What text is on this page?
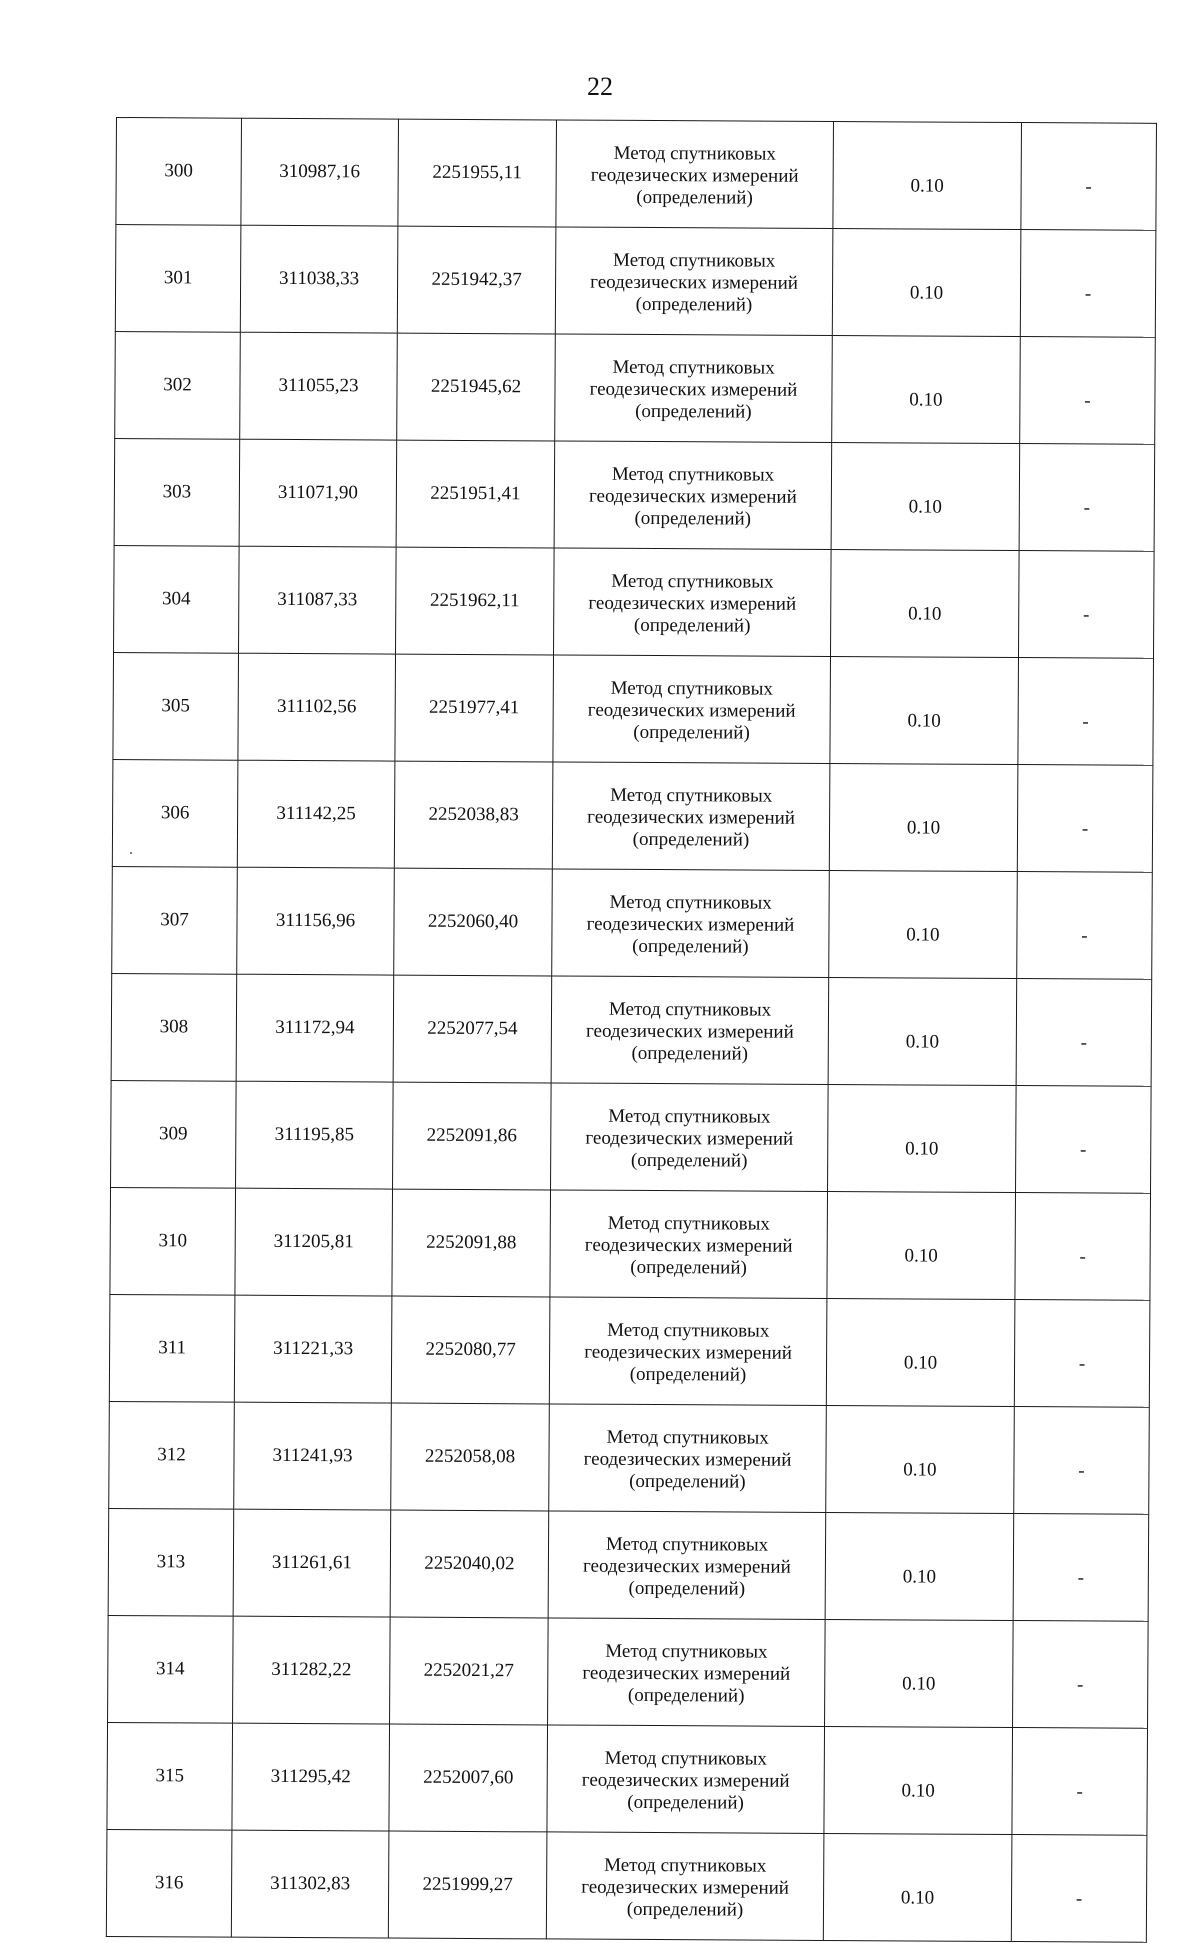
22
300	310987,16	2251955,11	Метод спутниковых
геодезических измерений
(определений)	0.10	-
301	311038,33	2251942,37	Метод спутниковых
геодезических измерений
(определений)	0.10	-
302	311055,23	2251945,62	Метод спутниковых
геодезических измерений
(определений)	0.10	-
303	311071,90	2251951,41	Метод спутниковых
геодезических измерений
(определений)	0.10	-
304	311087,33	2251962,11	Метод спутниковых
геодезических измерений
(определений)	0.10	-
305	311102,56	2251977,41	Метод спутниковых
геодезических измерений
(определений)	0.10	-
306	311142,25	2252038,83	Метод спутниковых
геодезических измерений
(определений)	0.10	-
307	311156,96	2252060,40	Метод спутниковых
геодезических измерений
(определений)	0.10	-
308	311172,94	2252077,54	Метод спутниковых
геодезических измерений
(определений)	0.10	-
309	311195,85	2252091,86	Метод спутниковых
геодезических измерений
(определений)	0.10	-
310	311205,81	2252091,88	Метод спутниковых
геодезических измерений
(определений)	0.10	-
311	311221,33	2252080,77	Метод спутниковых
геодезических измерений
(определений)	0.10	-
312	311241,93	2252058,08	Метод спутниковых
геодезических измерений
(определений)	0.10	-
313	311261,61	2252040,02	Метод спутниковых
геодезических измерений
(определений)	0.10	-
314	311282,22	2252021,27	Метод спутниковых
геодезических измерений
(определений)	0.10	-
315	311295,42	2252007,60	Метод спутниковых
геодезических измерений
(определений)	0.10	-
316	311302,83	2251999,27	Метод спутниковых
геодезических измерений
(определений)	0.10	-
